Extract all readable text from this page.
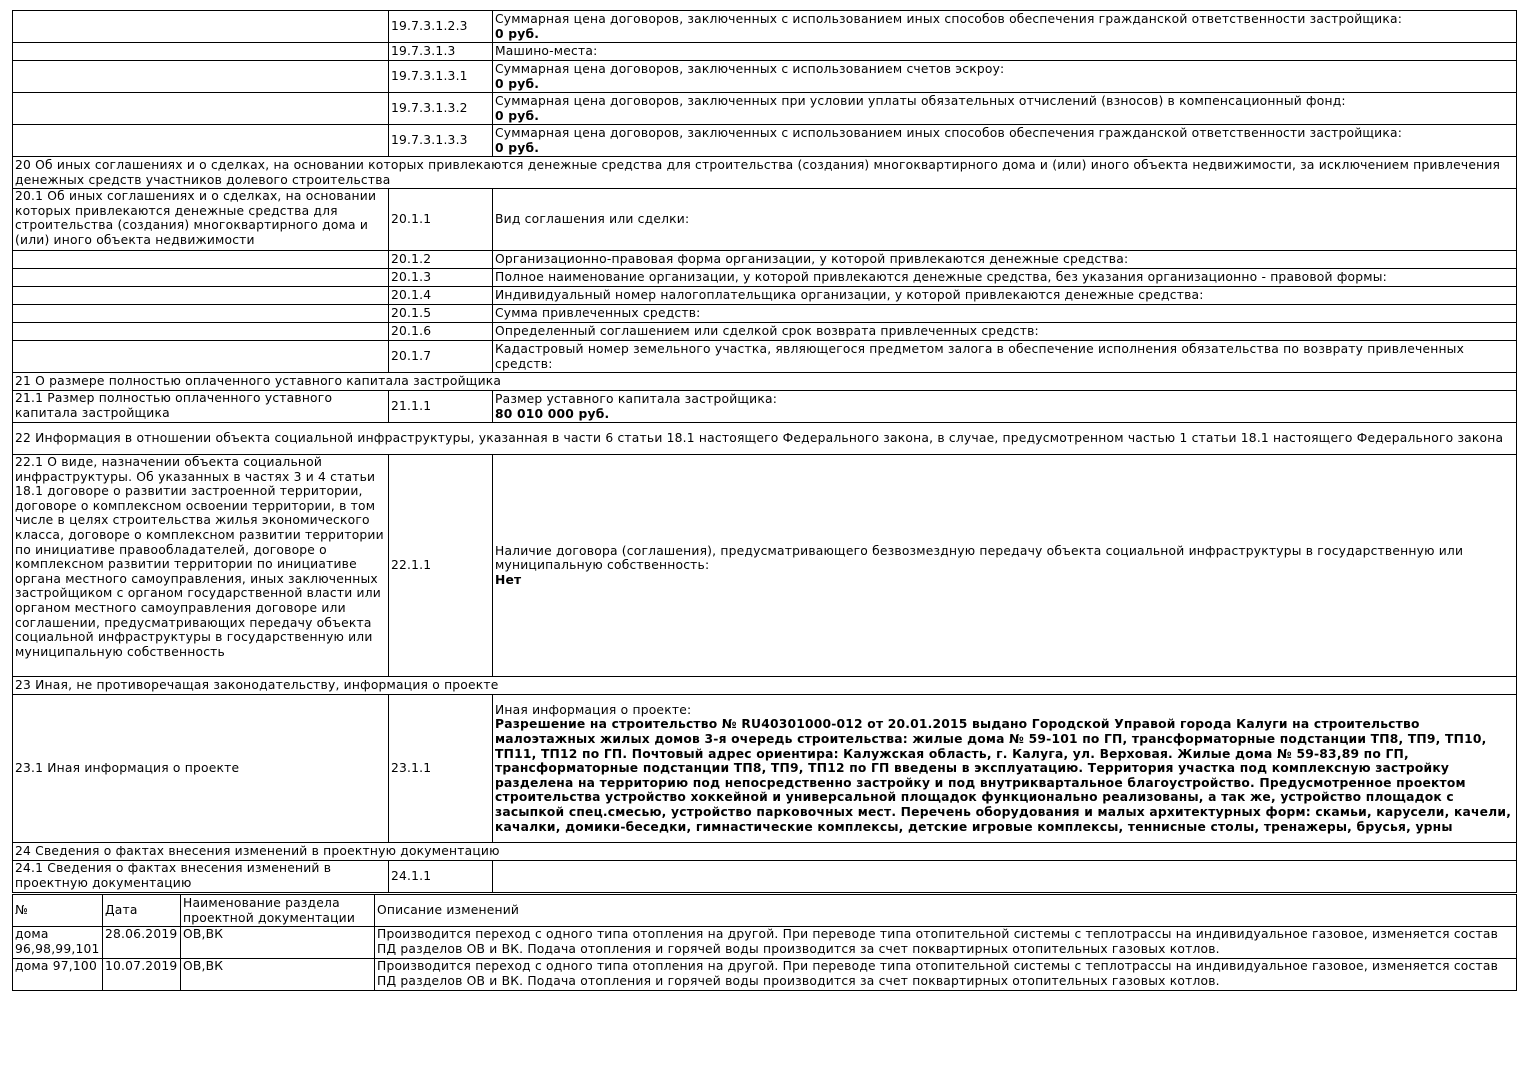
	19.7.3.1.2.3	Суммарная цена договоров, заключенных с использованием иных способов обеспечения гражданской ответственности застройщика:
0 руб.

	19.7.3.1.3	Машино-места:
	19.7.3.1.3.1	Суммарная цена договоров, заключенных с использованием счетов эскроу:
0 руб.

	19.7.3.1.3.2	Суммарная цена договоров, заключенных при условии уплаты обязательных отчислений (взносов) в компенсационный фонд:
0 руб.

	19.7.3.1.3.3	Суммарная цена договоров, заключенных с использованием иных способов обеспечения гражданской ответственности застройщика:
0 руб.

20 Об иных соглашениях и о сделках, на основании которых привлекаются денежные средства для строительства (создания) многоквартирного дома и (или) иного объекта недвижимости, за исключением привлечения денежных средств участников долевого строительства		
20.1 Об иных соглашениях и о сделках, на основании которых привлекаются денежные средства для строительства (создания) многоквартирного дома и (или) иного объекта недвижимости	20.1.1	Вид соглашения или сделки:
	20.1.2	Организационно-правовая форма организации, у которой привлекаются денежные средства:
	20.1.3	Полное наименование организации, у которой привлекаются денежные средства, без указания организационно - правовой формы:
	20.1.4	Индивидуальный номер налогоплательщика организации, у которой привлекаются денежные средства:
	20.1.5	Сумма привлеченных средств:
	20.1.6	Определенный соглашением или сделкой срок возврата привлеченных средств:
	20.1.7	Кадастровый номер земельного участка, являющегося предметом залога в обеспечение исполнения обязательства по возврату привлеченных средств:
21 О размере полностью оплаченного уставного капитала застройщика		
21.1 Размер полностью оплаченного уставного капитала застройщика	21.1.1	Размер уставного капитала застройщика:
80 010 000 руб.

22 Информация в отношении объекта социальной инфраструктуры, указанная в части 6 статьи 18.1 настоящего Федерального закона, в случае, предусмотренном частью 1 статьи 18.1 настоящего Федерального закона		
22.1 О виде, назначении объекта социальной инфраструктуры. Об указанных в частях 3 и 4 статьи 18.1 договоре о развитии застроенной территории, договоре о комплексном освоении территории, в том числе в целях строительства жилья экономического класса, договоре о комплексном развитии территории по инициативе правообладателей, договоре о комплексном развитии территории по инициативе органа местного самоуправления, иных заключенных застройщиком с органом государственной власти или органом местного самоуправления договоре или соглашении, предусматривающих передачу объекта социальной инфраструктуры в государственную или муниципальную собственность	22.1.1	Наличие договора (соглашения), предусматривающего безвозмездную передачу объекта социальной инфраструктуры в государственную или муниципальную собственность:
Нет

23 Иная, не противоречащая законодательству, информация о проекте		
23.1 Иная информация о проекте	23.1.1	Иная информация о проекте:
Разрешение на строительство № RU40301000-012 от 20.01.2015 выдано Городской Управой города Калуги на строительство малоэтажных жилых домов 3-я очередь строительства: жилые дома № 59-101 по ГП, трансформаторные подстанции ТП8, ТП9, ТП10, ТП11, ТП12 по ГП. Почтовый адрес ориентира: Калужская область, г. Калуга, ул. Верховая. Жилые дома № 59-83,89 по ГП, трансформаторные подстанции ТП8, ТП9, ТП12 по ГП введены в эксплуатацию. Территория участка под комплексную застройку разделена на территорию под непосредственно застройку и под внутриквартальное благоустройство. Предусмотренное проектом строительства устройство хоккейной и универсальной площадок функционально реализованы, а так же, устройство площадок с засыпкой спец.смесью, устройство парковочных мест. Перечень оборудования и малых архитектурных форм: скамьи, карусели, качели, качалки, домики-беседки, гимнастические комплексы, детские игровые комплексы, теннисные столы, тренажеры, брусья, урны

24 Сведения о фактах внесения изменений в проектную документацию		
24.1 Сведения о фактах внесения изменений в проектную документацию	24.1.1	
№	Дата	Наименование раздела проектной документации	Описание изменений
дома 96,98,99,101	28.06.2019	ОВ,ВК	Производится переход с одного типа отопления на другой. При переводе типа отопительной системы с теплотрассы на индивидуальное газовое, изменяется состав ПД разделов ОВ и ВК. Подача отопления и горячей воды производится за счет поквартирных отопительных газовых котлов.
дома 97,100	10.07.2019	ОВ,ВК	Производится переход с одного типа отопления на другой. При переводе типа отопительной системы с теплотрассы на индивидуальное газовое, изменяется состав ПД разделов ОВ и ВК. Подача отопления и горячей воды производится за счет поквартирных отопительных газовых котлов.
